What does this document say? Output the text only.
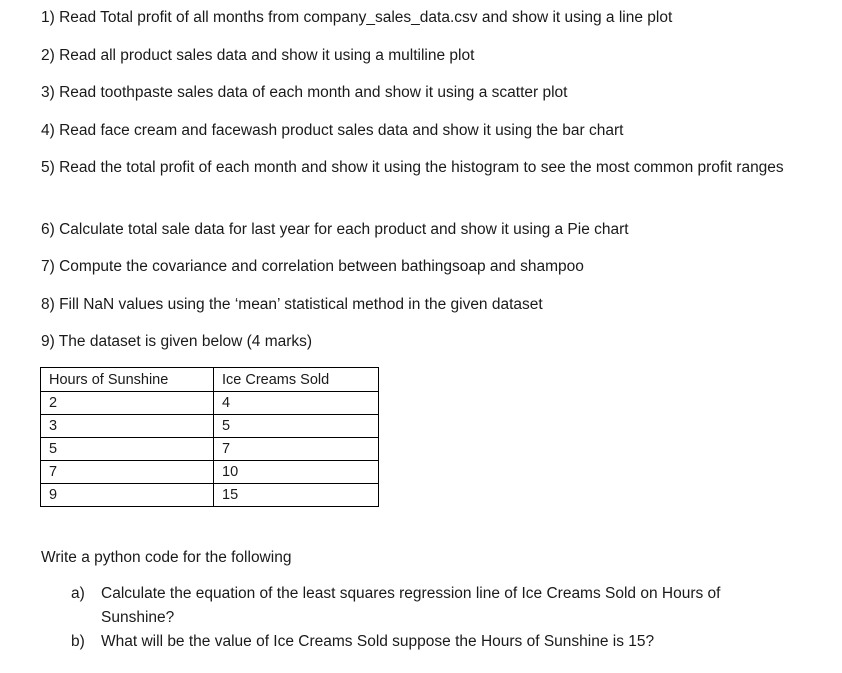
1) Read Total profit of all months from company_sales_data.csv and show it using a line plot
2) Read all product sales data and show it using a multiline plot
3) Read toothpaste sales data of each month and show it using a scatter plot
4) Read face cream and facewash product sales data and show it using the bar chart
5) Read the total profit of each month and show it using the histogram to see the most common profit ranges
6) Calculate total sale data for last year for each product and show it using a Pie chart
7) Compute the covariance and correlation between bathingsoap and shampoo
8) Fill NaN values using the ‘mean’ statistical method in the given dataset
9) The dataset is given below (4 marks)
Hours of Sunshine	Ice Creams Sold
2	4
3	5
5	7
7	10
9	15
Write a python code for the following
a) Calculate the equation of the least squares regression line of Ice Creams Sold on Hours of Sunshine?
b) What will be the value of Ice Creams Sold suppose the Hours of Sunshine is 15?
